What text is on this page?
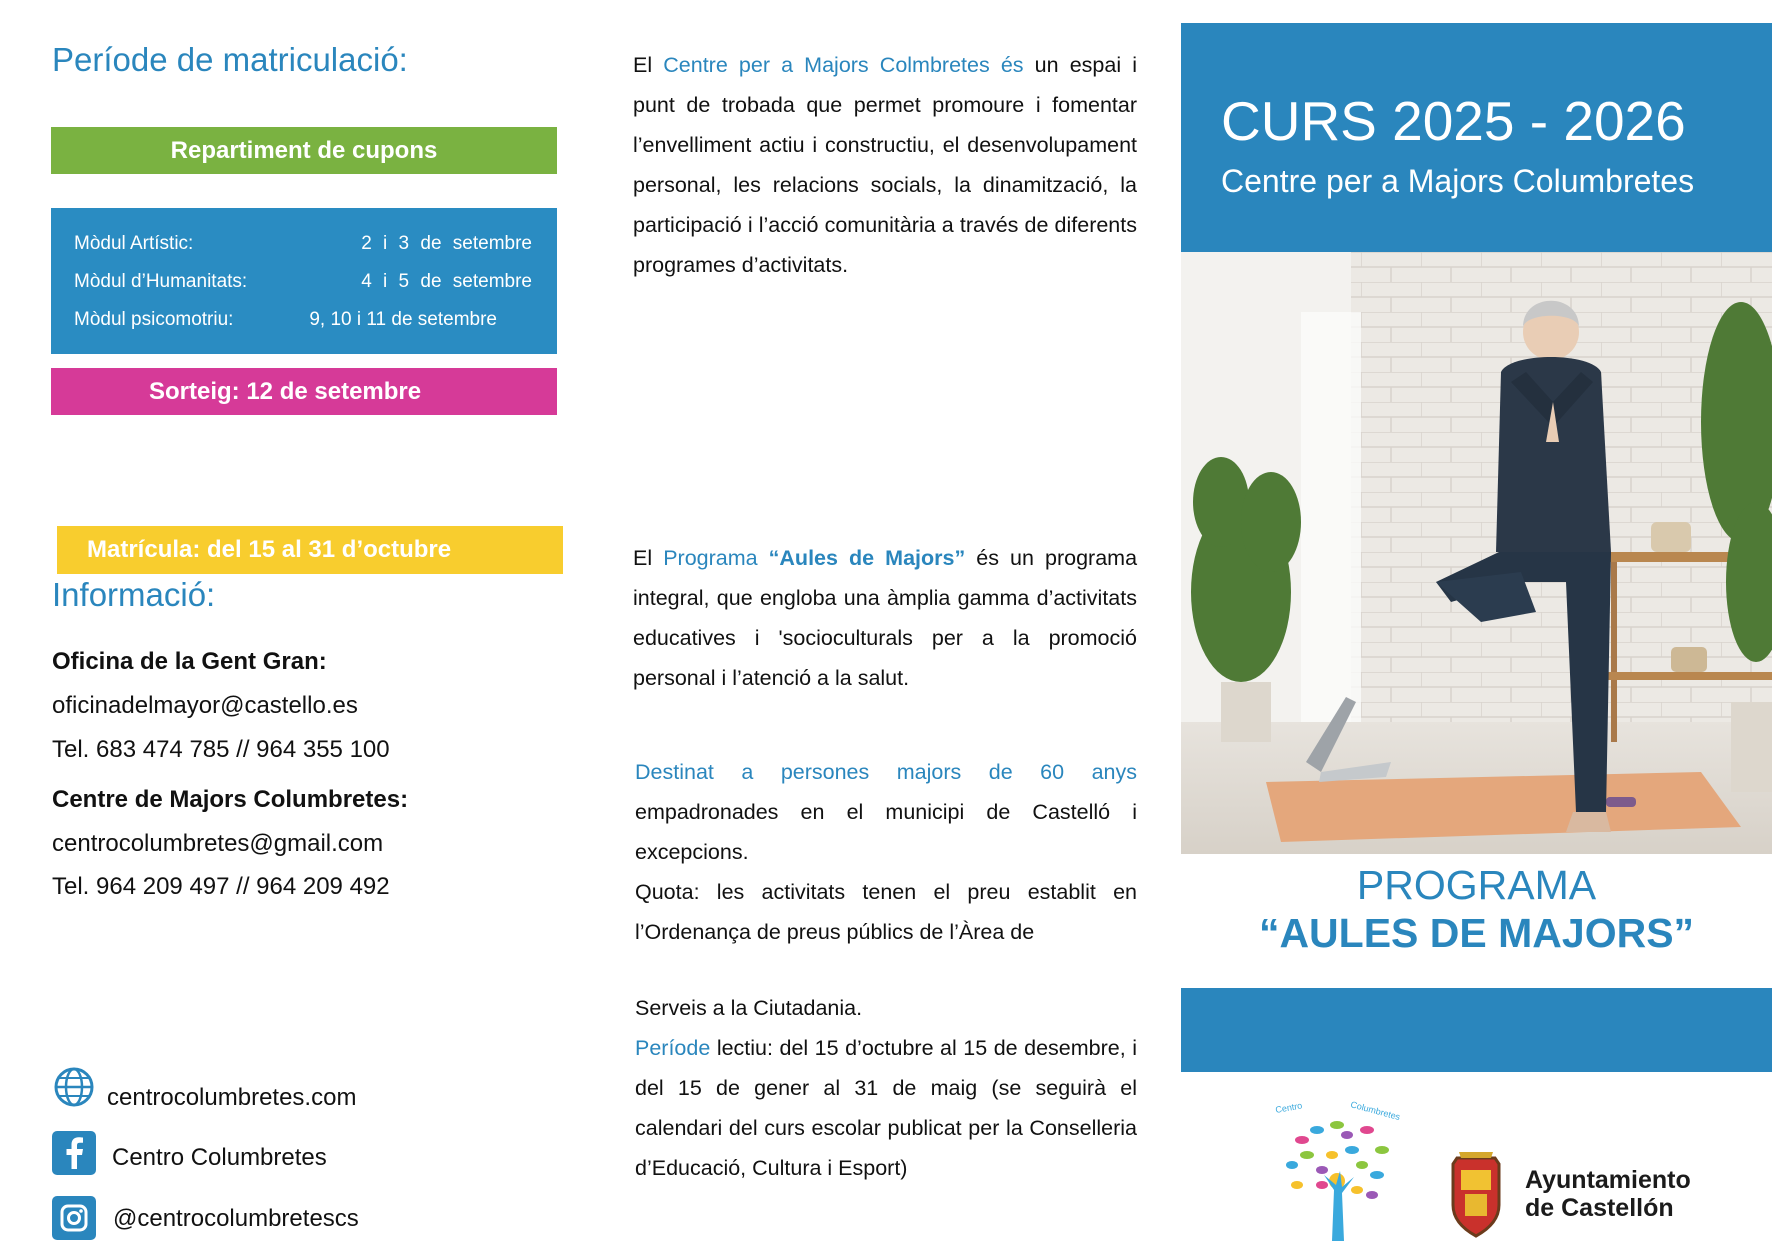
Període de matriculació:
Repartiment de cupons
Mòdul Artístic:	2 i 3 de setembre
Mòdul d’Humanitats:	4 i 5 de setembre
Mòdul psicomotriu:	9, 10 i 11 de setembre
Sorteig: 12 de setembre
Matrícula: del 15 al 31 d’octubre
Informació:
Oficina de la Gent Gran:
oficinadelmayor@castello.es
Tel. 683 474 785 // 964 355 100
Centre de Majors Columbretes:
centrocolumbretes@gmail.com
Tel. 964 209 497 // 964 209 492
centrocolumbretes.com
Centro Columbretes
@centrocolumbretescs

El Centre per a Majors Colmbretes és un espai i punt de trobada que permet promoure i fomentar l’envelliment actiu i constructiu, el desenvolupament personal, les relacions socials, la dinamització, la participació i l’acció comunitària a través de diferents programes d’activitats.

El Programa “Aules de Majors” és un programa integral, que engloba una àmplia gamma d’activitats educatives i 'socioculturals per a la promoció personal i l’atenció a la salut.

Destinat a persones majors de 60 anys empadronades en el municipi de Castelló i excepcions.

Quota: les activitats tenen el preu establit en l’Ordenança de preus públics de l’Àrea de

Serveis a la Ciutadania.

Període lectiu: del 15 d’octubre al 15 de desembre, i del 15 de gener al 31 de maig (se seguirà el calendari del curs escolar publicat per la Conselleria d’Educació, Cultura i Esport)

CURS 2025 - 2026
Centre per a Majors Columbretes
PROGRAMA
“AULES DE MAJORS”
Centro	Columbretes
Ayuntamiento
de Castellón
